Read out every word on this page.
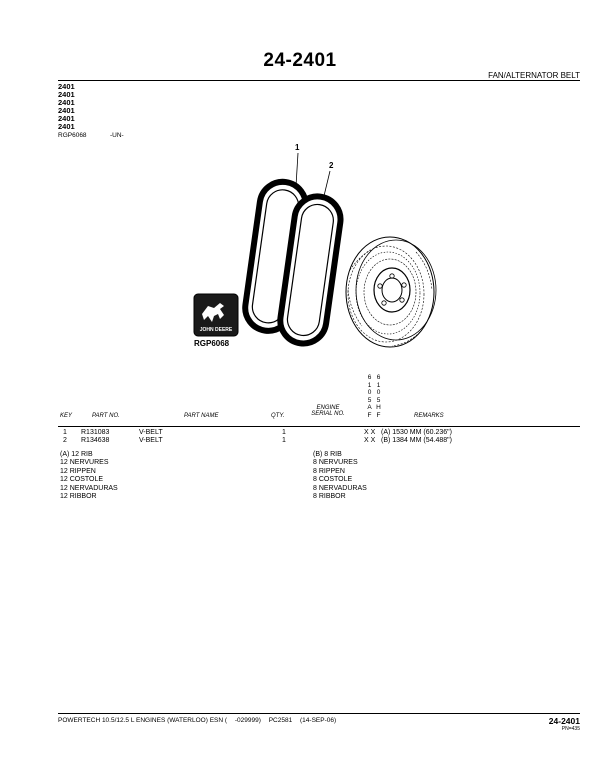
24-2401
FAN/ALTERNATOR BELT
2401
2401
2401
2401
2401
2401
RGP6068	-UN-
1
2
JOHN DEERE
RGP6068
6
1
0
5
A
F
6
1
0
5
H
F
KEY	PART NO.	PART NAME	QTY.
ENGINE
SERIAL NO.	REMARKS
1 R131083	V-BELT	1	X X (A) 1530 MM (60.236")
2 R134638	V-BELT	1	X X (B) 1384 MM (54.488")
(A) 12 RIB
12 NERVURES
12 RIPPEN
12 COSTOLE
12 NERVADURAS
12 RIBBOR
(B) 8 RIB
8 NERVURES
8 RIPPEN
8 COSTOLE
8 NERVADURAS
8 RIBBOR
POWERTECH 10.5/12.5 L ENGINES (WATERLOO) ESN ( -029999) PC2581 (14-SEP-06)	24-2401
PN=435
